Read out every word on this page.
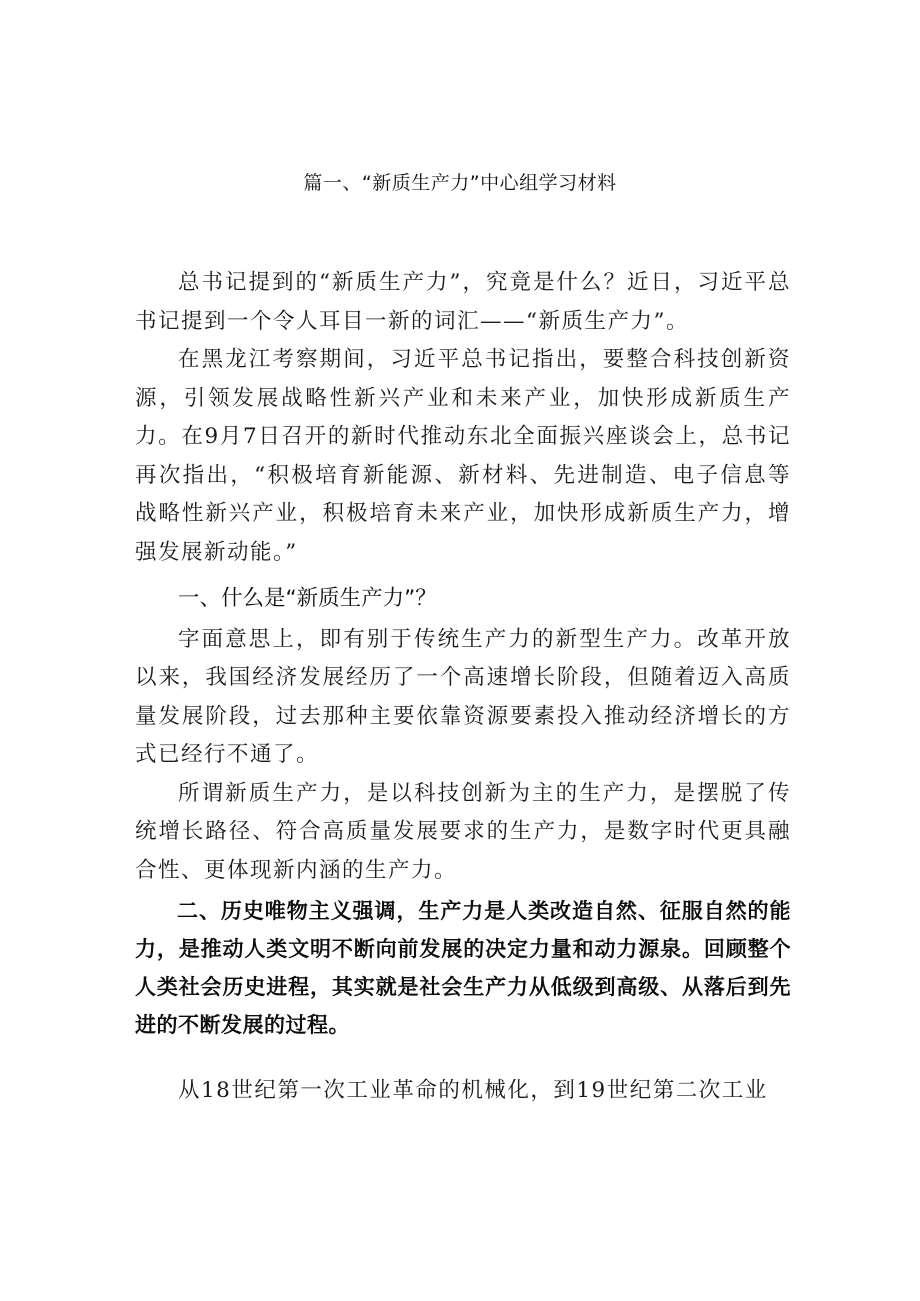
篇一、“新质生产力”中心组学习材料

总书记提到的“新质生产力”，究竟是什么？近日，习近平总书记提到一个令人耳目一新的词汇——“新质生产力”。

在黑龙江考察期间，习近平总书记指出，要整合科技创新资源，引领发展战略性新兴产业和未来产业，加快形成新质生产力。在9月7日召开的新时代推动东北全面振兴座谈会上，总书记再次指出，“积极培育新能源、新材料、先进制造、电子信息等战略性新兴产业，积极培育未来产业，加快形成新质生产力，增强发展新动能。”

一、什么是“新质生产力”？

字面意思上，即有别于传统生产力的新型生产力。改革开放以来，我国经济发展经历了一个高速增长阶段，但随着迈入高质量发展阶段，过去那种主要依靠资源要素投入推动经济增长的方式已经行不通了。

所谓新质生产力，是以科技创新为主的生产力，是摆脱了传统增长路径、符合高质量发展要求的生产力，是数字时代更具融合性、更体现新内涵的生产力。

二、历史唯物主义强调，生产力是人类改造自然、征服自然的能力，是推动人类文明不断向前发展的决定力量和动力源泉。回顾整个人类社会历史进程，其实就是社会生产力从低级到高级、从落后到先进的不断发展的过程。

从18世纪第一次工业革命的机械化，到19世纪第二次工业
